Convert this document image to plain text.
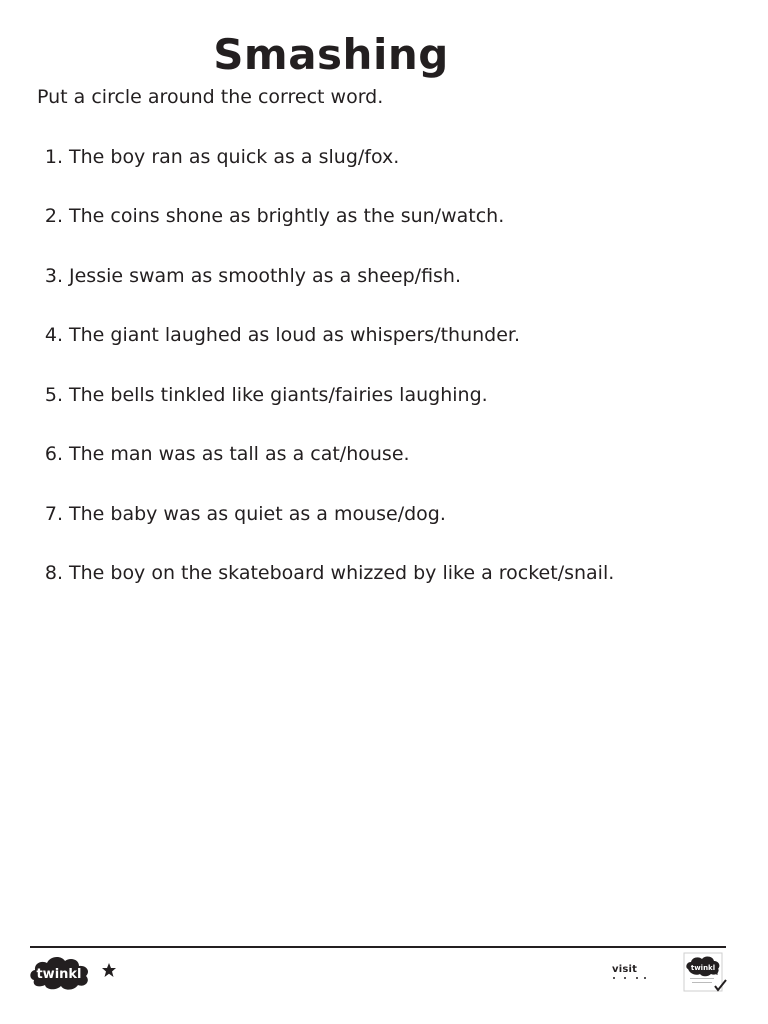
Smashing

Put a circle around the correct word.

1. The boy ran as quick as a slug/fox.
2. The coins shone as brightly as the sun/watch.
3. Jessie swam as smoothly as a sheep/fish.
4. The giant laughed as loud as whispers/thunder.
5. The bells tinkled like giants/fairies laughing.
6. The man was as tall as a cat/house.
7. The baby was as quiet as a mouse/dog.
8. The boy on the skateboard whizzed by like a rocket/snail.
twinkl	visit	twinkl
